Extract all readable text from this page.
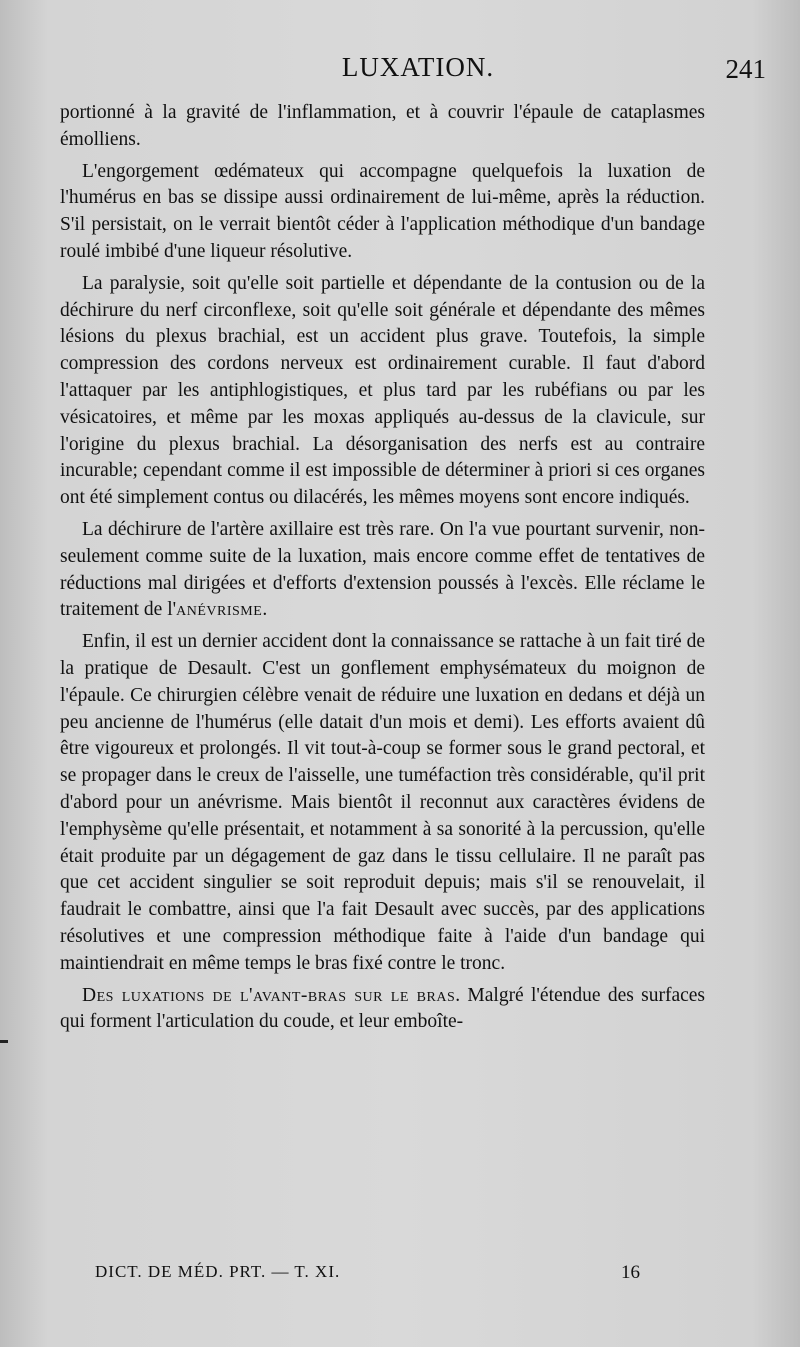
LUXATION.	241

portionné à la gravité de l'inflammation, et à couvrir l'épaule de cataplasmes émolliens.

L'engorgement œdémateux qui accompagne quelquefois la luxation de l'humérus en bas se dissipe aussi ordinairement de lui-même, après la réduction. S'il persistait, on le verrait bientôt céder à l'application méthodique d'un bandage roulé imbibé d'une liqueur résolutive.

La paralysie, soit qu'elle soit partielle et dépendante de la contusion ou de la déchirure du nerf circonflexe, soit qu'elle soit générale et dépendante des mêmes lésions du plexus brachial, est un accident plus grave. Toutefois, la simple compression des cordons nerveux est ordinairement curable. Il faut d'abord l'attaquer par les antiphlogistiques, et plus tard par les rubéfians ou par les vésicatoires, et même par les moxas appliqués au-dessus de la clavicule, sur l'origine du plexus brachial. La désorganisation des nerfs est au contraire incurable; cependant comme il est impossible de déterminer à priori si ces organes ont été simplement contus ou dilacérés, les mêmes moyens sont encore indiqués.

La déchirure de l'artère axillaire est très rare. On l'a vue pourtant survenir, non-seulement comme suite de la luxation, mais encore comme effet de tentatives de réductions mal dirigées et d'efforts d'extension poussés à l'excès. Elle réclame le traitement de l'anévrisme.

Enfin, il est un dernier accident dont la connaissance se rattache à un fait tiré de la pratique de Desault. C'est un gonflement emphysémateux du moignon de l'épaule. Ce chirurgien célèbre venait de réduire une luxation en dedans et déjà un peu ancienne de l'humérus (elle datait d'un mois et demi). Les efforts avaient dû être vigoureux et prolongés. Il vit tout-à-coup se former sous le grand pectoral, et se propager dans le creux de l'aisselle, une tuméfaction très considérable, qu'il prit d'abord pour un anévrisme. Mais bientôt il reconnut aux caractères évidens de l'emphysème qu'elle présentait, et notamment à sa sonorité à la percussion, qu'elle était produite par un dégagement de gaz dans le tissu cellulaire. Il ne paraît pas que cet accident singulier se soit reproduit depuis; mais s'il se renouvelait, il faudrait le combattre, ainsi que l'a fait Desault avec succès, par des applications résolutives et une compression méthodique faite à l'aide d'un bandage qui maintiendrait en même temps le bras fixé contre le tronc.

Des luxations de l'avant-bras sur le bras. Malgré l'étendue des surfaces qui forment l'articulation du coude, et leur emboîte-

DICT. DE MÉD. PRT. — T. XI.	16
